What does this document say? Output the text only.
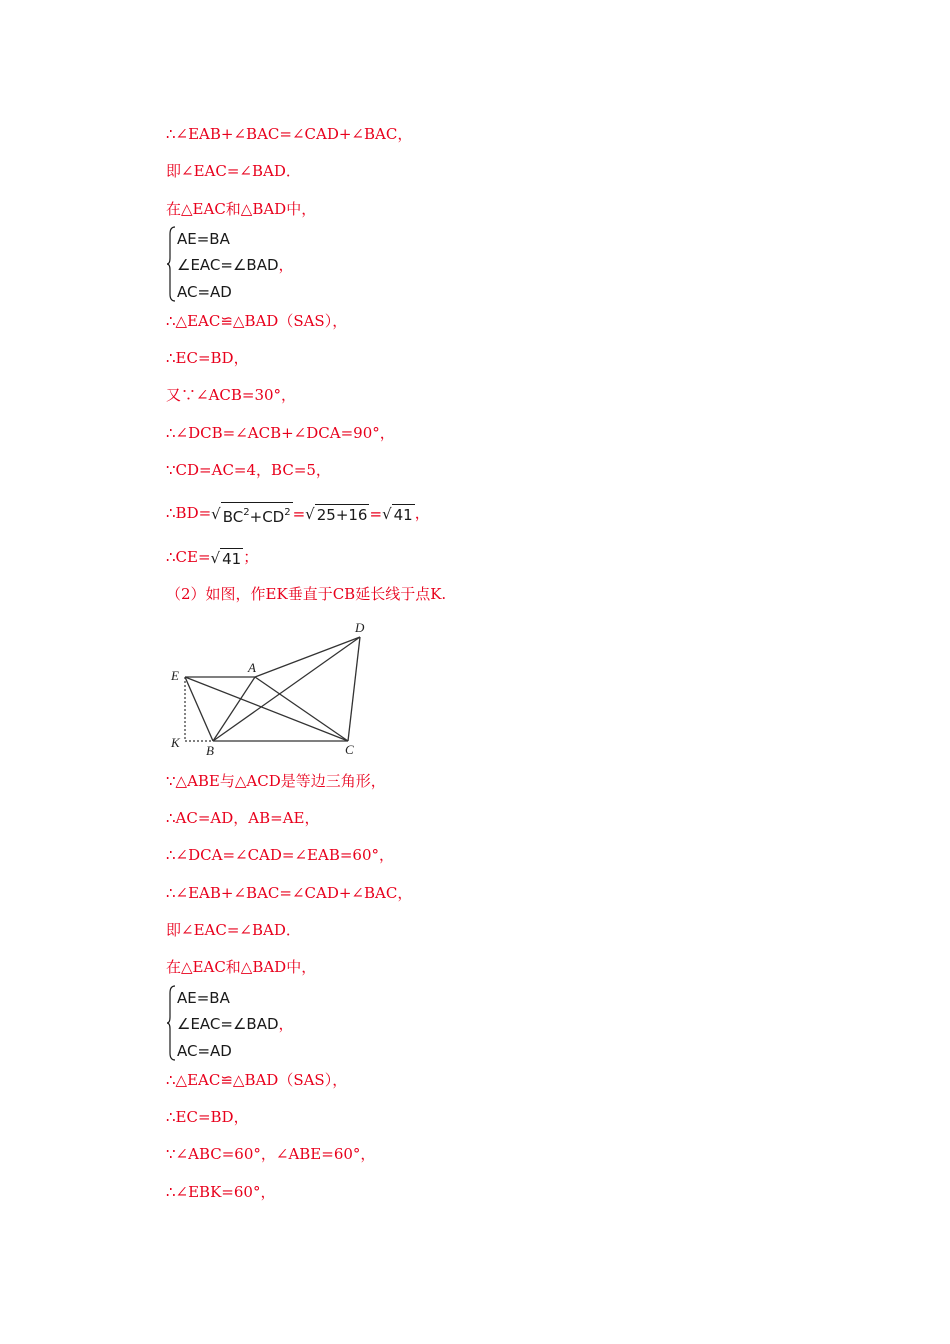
∴∠EAB+∠BAC=∠CAD+∠BAC，
即∠EAC=∠BAD．
在△EAC和△BAD中，
AE=BA
∠EAC=∠BAD，
AC=AD
∴△EAC≌△BAD（SAS），
∴EC=BD，
又∵∠ACB=30°，
∴∠DCB=∠ACB+∠DCA=90°，
∵CD=AC=4，BC=5，
∴BD=√ $BC^2+CD^2$ =√ 25+16 =√ 41 ，
∴CE=√ 41 ；
（2）如图，作EK垂直于CB延长线于点K.
E
A
D
K
B	C
∵△ABE与△ACD是等边三角形，
∴AC=AD，AB=AE，
∴∠DCA=∠CAD=∠EAB=60°，
∴∠EAB+∠BAC=∠CAD+∠BAC，
即∠EAC=∠BAD．
在△EAC和△BAD中，
AE=BA
∠EAC=∠BAD，
AC=AD
∴△EAC≌△BAD（SAS），
∴EC=BD，
∵∠ABC=60°，∠ABE=60°，
∴∠EBK=60°，
